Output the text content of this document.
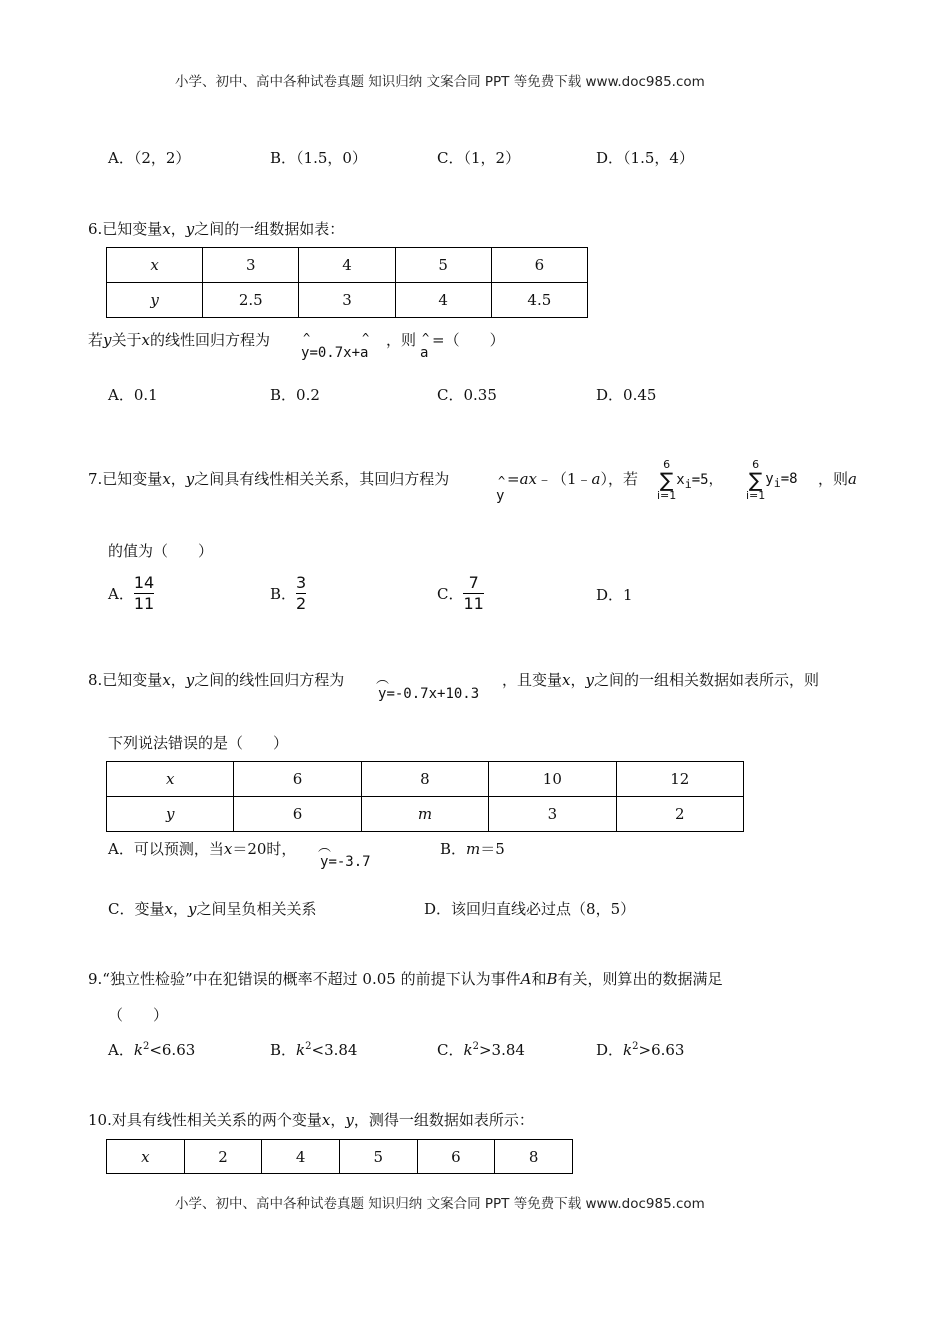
小学、初中、高中各种试卷真题 知识归纳 文案合同 PPT 等免费下载 www.doc985.com
A．（2，2）	B．（1.5，0）	C．（1，2）	D．（1.5，4）
6.已知变量x，y之间的一组数据如表：
x	3	4	5	6
y	2.5	3	4	4.5
若y关于x的线性回归方程为
^ y=0.7x+^ a
，则
^ a
=（　　）
A．0.1	B．0.2	C．0.35	D．0.45
7.已知变量x，y之间具有线性相关关系，其回归方程为
^ y
=ax﹣（1﹣a），若
6
∑
i=1
$x_i=5$，
6
∑
i=1
$y_i=8$ ，则a
的值为（　　）
A． $\frac{14}{11}$	B． $\frac{3}{2}$	C． $\frac{7}{11}$	D．1
8.已知变量x，y之间的线性回归方程为
︵ y=-0.7x+10.3
，且变量x，y之间的一组相关数据如表所示，则
下列说法错误的是（　　）
x	6	8	10	12
y	6	m	3	2
A．可以预测，当x＝20时，
︵ y=-3.7
B．m＝5
C．变量x，y之间呈负相关关系	D．该回归直线必过点（8，5）
9.“独立性检验”中在犯错误的概率不超过 0.05 的前提下认为事件A和B有关，则算出的数据满足
（　　）
A．$k^2<6.63$	B．$k^2<3.84$	C．$k^2>3.84$	D．$k^2>6.63$
10.对具有线性相关关系的两个变量x，y，测得一组数据如表所示：
x	2	4	5	6	8
小学、初中、高中各种试卷真题 知识归纳 文案合同 PPT 等免费下载 www.doc985.com
